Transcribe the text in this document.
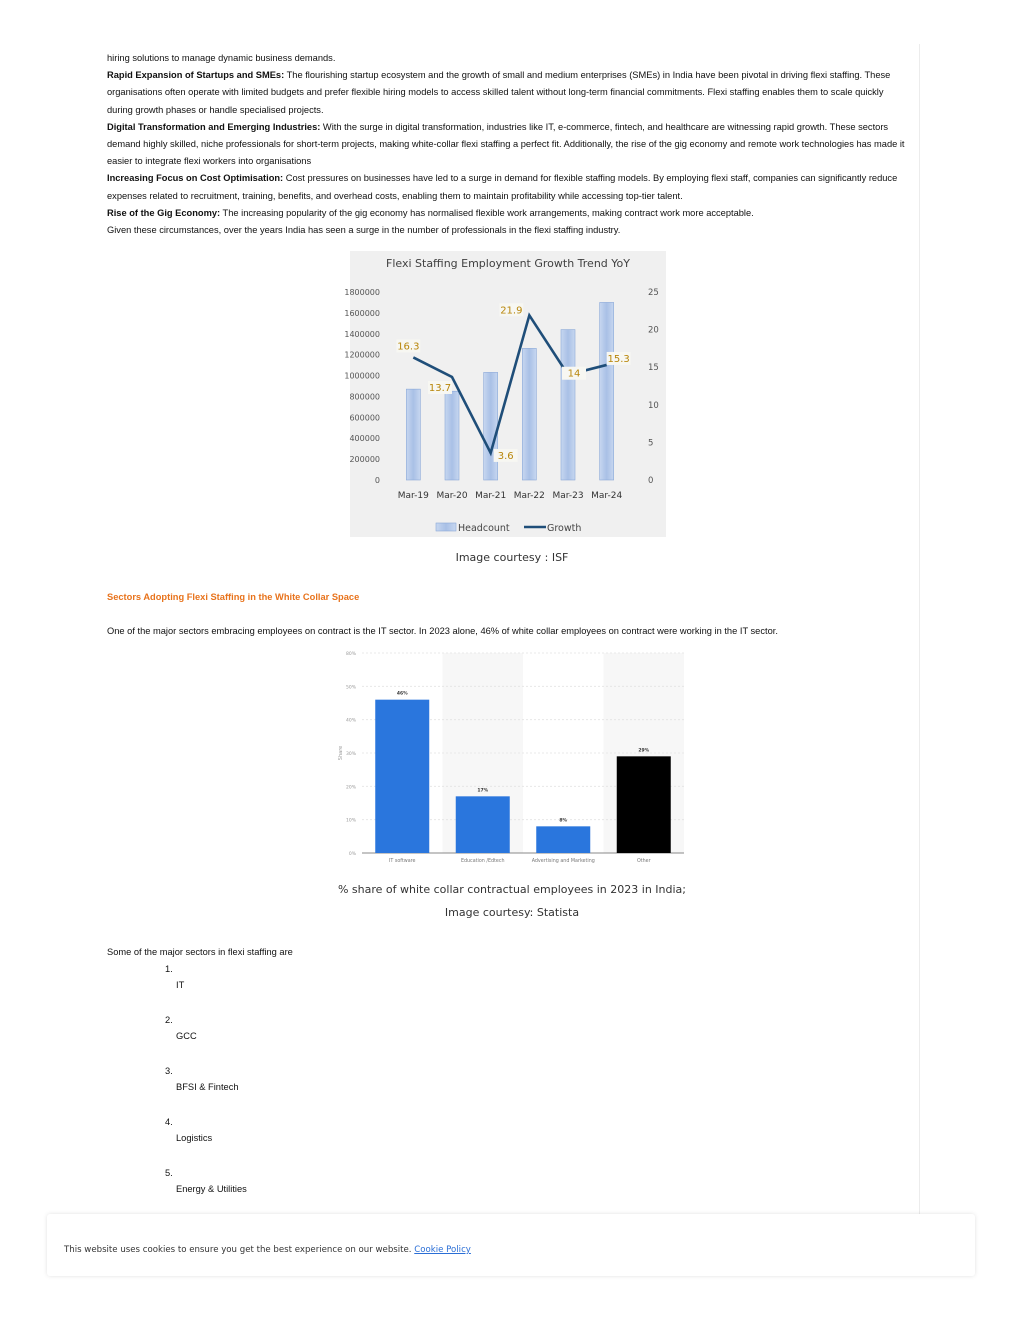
hiring solutions to manage dynamic business demands.

Rapid Expansion of Startups and SMEs: The flourishing startup ecosystem and the growth of small and medium enterprises (SMEs) in India have been pivotal in driving flexi staffing. These organisations often operate with limited budgets and prefer flexible hiring models to access skilled talent without long-term financial commitments. Flexi staffing enables them to scale quickly during growth phases or handle specialised projects.

Digital Transformation and Emerging Industries: With the surge in digital transformation, industries like IT, e-commerce, fintech, and healthcare are witnessing rapid growth. These sectors demand highly skilled, niche professionals for short-term projects, making white-collar flexi staffing a perfect fit. Additionally, the rise of the gig economy and remote work technologies has made it easier to integrate flexi workers into organisations

Increasing Focus on Cost Optimisation: Cost pressures on businesses have led to a surge in demand for flexible staffing models. By employing flexi staff, companies can significantly reduce expenses related to recruitment, training, benefits, and overhead costs, enabling them to maintain profitability while accessing top-tier talent.

Rise of the Gig Economy: The increasing popularity of the gig economy has normalised flexible work arrangements, making contract work more acceptable.

Given these circumstances, over the years India has seen a surge in the number of professionals in the flexi staffing industry.

Flexi Staffing Employment Growth Trend YoY
1800000
1600000
1400000
1200000
1000000
800000
600000
400000
200000
0
25
20
15
10
5
0
Mar-19 Mar-20 Mar-21 Mar-22 Mar-23 Mar-24
16.3
13.7
3.6
21.9
14
15.3
Headcount	Growth
Image courtesy : ISF
Sectors Adopting Flexi Staffing in the White Collar Space
One of the major sectors embracing employees on contract is the IT sector. In 2023 alone, 46% of white collar employees on contract were working in the IT sector.
80%
50%
40%
30%
20%
10%
0%
Share
46%
IT software
17%
Education /Edtech
8%
Advertising and Marketing
29%
Other
% share of white collar contractual employees in 2023 in India;
Image courtesy: Statista
Some of the major sectors in flexi staffing are
1.
IT
2.
GCC
3.
BFSI & Fintech
4.
Logistics
5.
Energy & Utilities
This website uses cookies to ensure you get the best experience on our website. Cookie Policy
